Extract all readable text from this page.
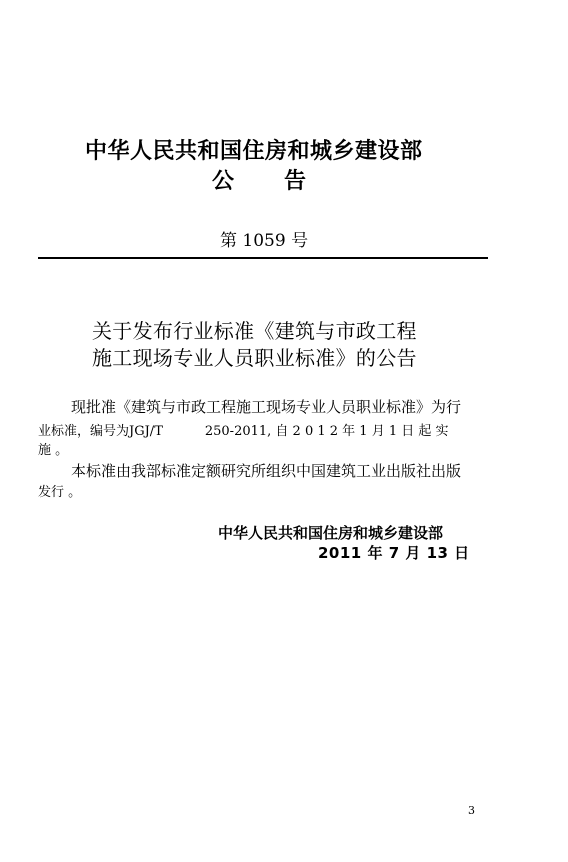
中华人民共和国住房和城乡建设部
公 告
第 1059 号
关于发布行业标准《建筑与市政工程
施工现场专业人员职业标准》的公告
现批准《建筑与市政工程施工现场专业人员职业标准》为行
业标准，编号为JGJ/T	250-2011, 自 2 0 1 2 年 1 月 1 日 起 实
施 。
本标准由我部标准定额研究所组织中国建筑工业出版社出版
发行 。
中华人民共和国住房和城乡建设部
2011 年 7 月 13 日
3
